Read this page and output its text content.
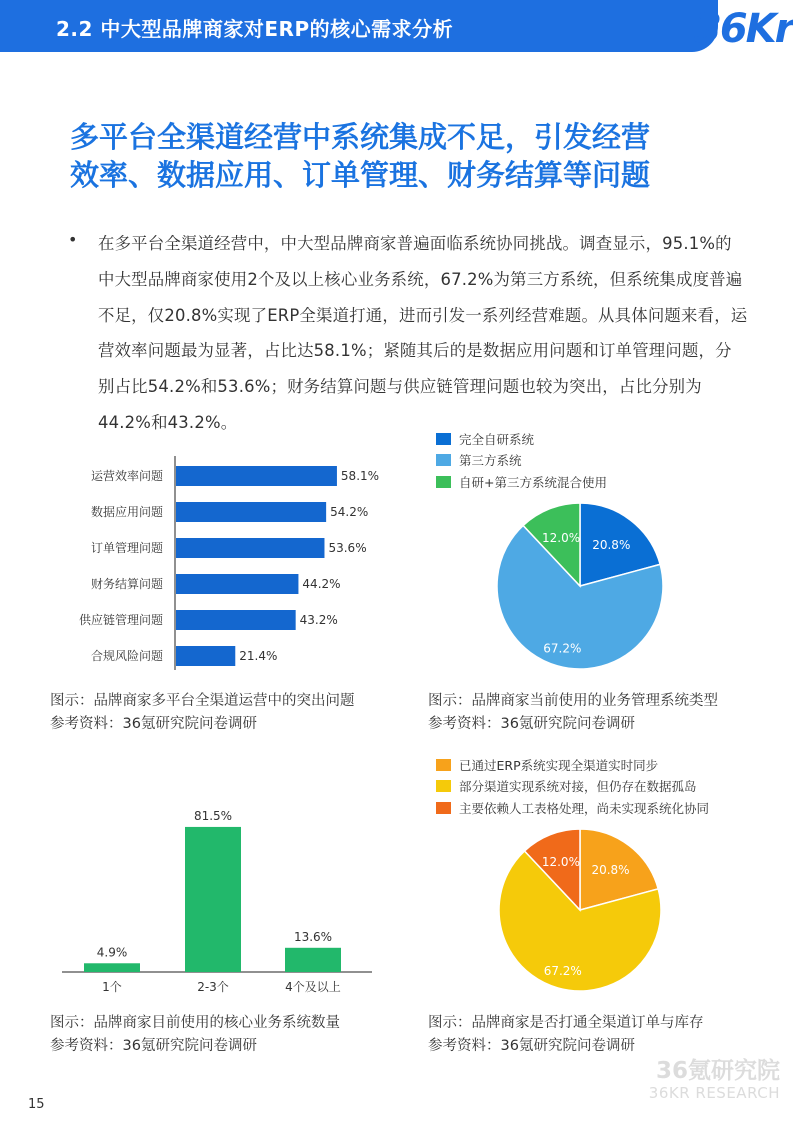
2.2 中大型品牌商家对ERP的核心需求分析	36Kr
多平台全渠道经营中系统集成不足，引发经营
效率、数据应用、订单管理、财务结算等问题
• 在多平台全渠道经营中，中大型品牌商家普遍面临系统协同挑战。调查显示，95.1%的中大型品牌商家使用2个及以上核心业务系统，67.2%为第三方系统，但系统集成度普遍不足，仅20.8%实现了ERP全渠道打通，进而引发一系列经营难题。从具体问题来看，运营效率问题最为显著，占比达58.1%；紧随其后的是数据应用问题和订单管理问题，分别占比54.2%和53.6%；财务结算问题与供应链管理问题也较为突出，占比分别为44.2%和43.2%。
完全自研系统
第三方系统
自研+第三方系统混合使用
已通过ERP系统实现全渠道实时同步
部分渠道实现系统对接，但仍存在数据孤岛
主要依赖人工表格处理，尚未实现系统化协同
运营效率问题	58.1%
数据应用问题	54.2%
订单管理问题	53.6%
财务结算问题	44.2%
供应链管理问题	43.2%
合规风险问题	21.4%
20.8%
67.2%
12.0%
4.9%
1个
81.5%
2-3个
13.6%
4个及以上
20.8%
67.2%
12.0%
图示：品牌商家多平台全渠道运营中的突出问题
参考资料：36氪研究院问卷调研
图示：品牌商家当前使用的业务管理系统类型
参考资料：36氪研究院问卷调研
图示：品牌商家目前使用的核心业务系统数量
参考资料：36氪研究院问卷调研
图示：品牌商家是否打通全渠道订单与库存
参考资料：36氪研究院问卷调研
36氪研究院
36KR RESEARCH
15
